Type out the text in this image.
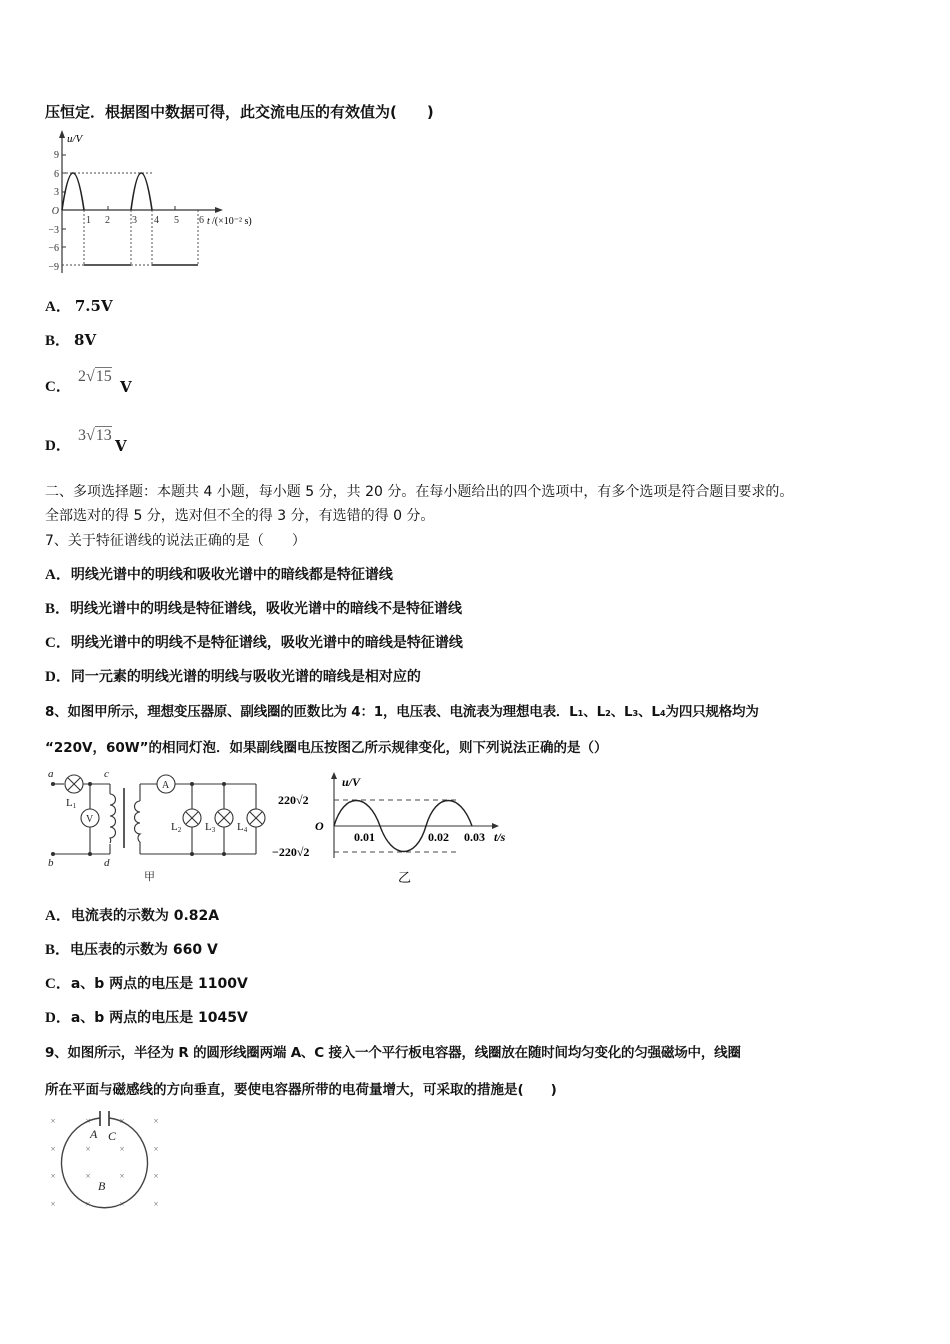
压恒定．根据图中数据可得，此交流电压的有效值为(　　)
u/V
9
6
3
O
−3
−6
−9
1 2 3 4 5 6 t /(×10⁻² s)
A． 7.5V
B． 8V
C．
2√15
V
D．
3√13
V
二、多项选择题：本题共 4 小题，每小题 5 分，共 20 分。在每小题给出的四个选项中，有多个选项是符合题目要求的。
全部选对的得 5 分，选对但不全的得 3 分，有选错的得 0 分。
7、关于特征谱线的说法正确的是（　　）
A． 明线光谱中的明线和吸收光谱中的暗线都是特征谱线
B． 明线光谱中的明线是特征谱线，吸收光谱中的暗线不是特征谱线
C． 明线光谱中的明线不是特征谱线，吸收光谱中的暗线是特征谱线
D． 同一元素的明线光谱的明线与吸收光谱的暗线是相对应的
8、如图甲所示，理想变压器原、副线圈的匝数比为 4：1，电压表、电流表为理想电表．L₁、L₂、L₃、L₄为四只规格均为
“220V，60W”的相同灯泡．如果副线圈电压按图乙所示规律变化，则下列说法正确的是（）
a	c
b	d
L1
V
A
L2 L3 L4
甲
u/V
220√2
O
−220√2
0.01	0.02 0.03 t/s
乙
A． 电流表的示数为 0.82A
B． 电压表的示数为 660 V
C． a、b 两点的电压是 1100V
D． a、b 两点的电压是 1045V
9、如图所示，半径为 R 的圆形线圈两端 A、C 接入一个平行板电容器，线圈放在随时间均匀变化的匀强磁场中，线圈
所在平面与磁感线的方向垂直，要使电容器所带的电荷量增大，可采取的措施是(　　)
×	×	×	×
×	×	×	×
×	×	×	×
×	×	×	×
A C
B
